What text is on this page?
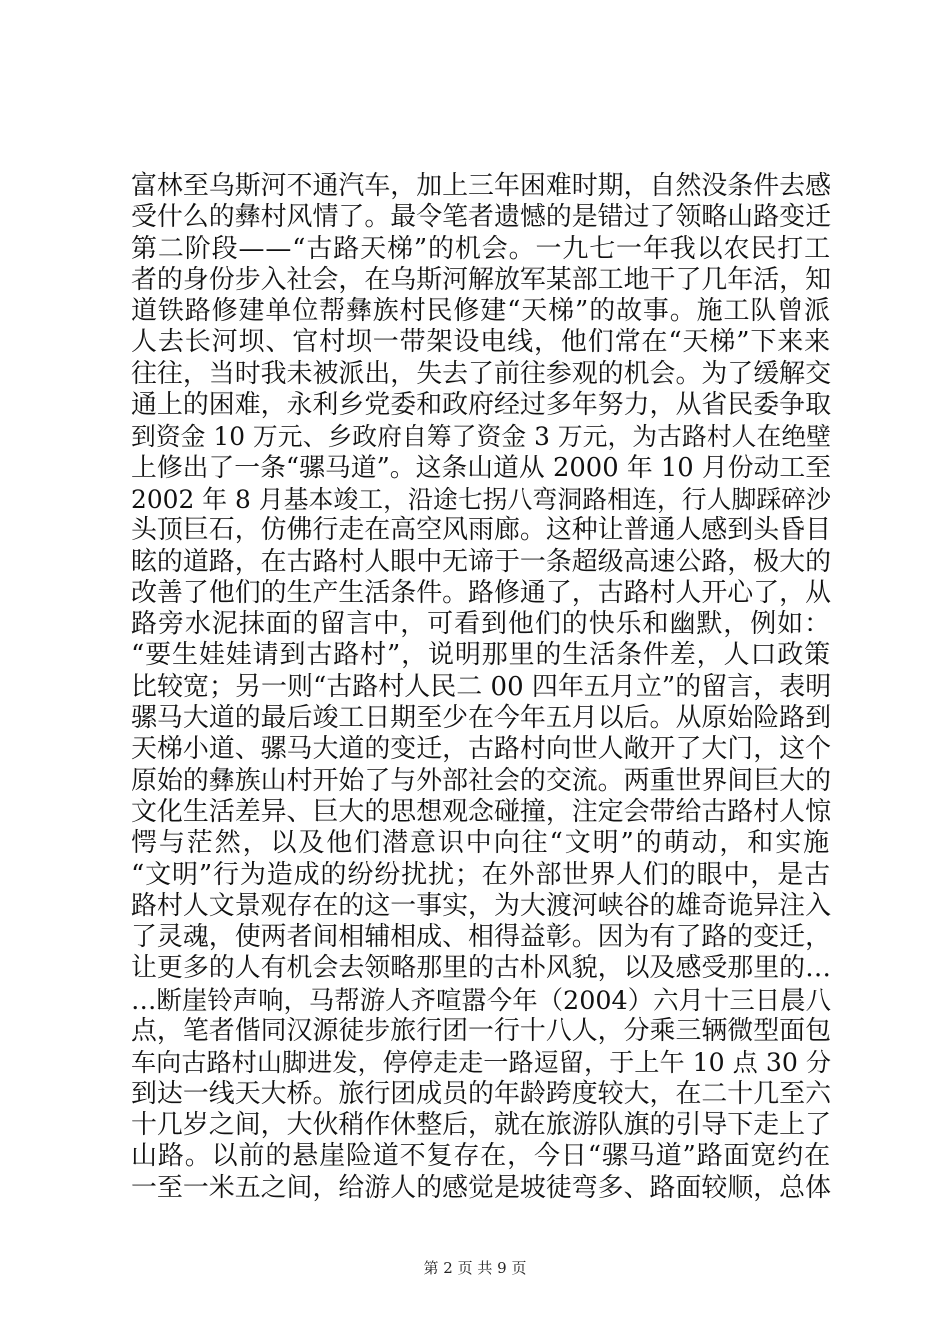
富林至乌斯河不通汽车，加上三年困难时期，自然没条件去感
受什么的彝村风情了。最令笔者遗憾的是错过了领略山路变迁
第二阶段——“古路天梯”的机会。一九七一年我以农民打工
者的身份步入社会，在乌斯河解放军某部工地干了几年活，知
道铁路修建单位帮彝族村民修建“天梯”的故事。施工队曾派
人去长河坝、官村坝一带架设电线，他们常在“天梯”下来来
往往，当时我未被派出，失去了前往参观的机会。为了缓解交
通上的困难，永利乡党委和政府经过多年努力，从省民委争取
到资金 10 万元、乡政府自筹了资金 3 万元，为古路村人在绝壁
上修出了一条“骡马道”。这条山道从 2000 年 10 月份动工至
2002 年 8 月基本竣工，沿途七拐八弯洞路相连，行人脚踩碎沙
头顶巨石，仿佛行走在高空风雨廊。这种让普通人感到头昏目
眩的道路，在古路村人眼中无谛于一条超级高速公路，极大的
改善了他们的生产生活条件。路修通了，古路村人开心了，从
路旁水泥抹面的留言中，可看到他们的快乐和幽默，例如：
“要生娃娃请到古路村”，说明那里的生活条件差，人口政策
比较宽；另一则“古路村人民二 00 四年五月立”的留言，表明
骡马大道的最后竣工日期至少在今年五月以后。从原始险路到
天梯小道、骡马大道的变迁，古路村向世人敞开了大门，这个
原始的彝族山村开始了与外部社会的交流。两重世界间巨大的
文化生活差异、巨大的思想观念碰撞，注定会带给古路村人惊
愕与茫然，以及他们潜意识中向往“文明”的萌动，和实施
“文明”行为造成的纷纷扰扰；在外部世界人们的眼中，是古
路村人文景观存在的这一事实，为大渡河峡谷的雄奇诡异注入
了灵魂，使两者间相辅相成、相得益彰。因为有了路的变迁，
让更多的人有机会去领略那里的古朴风貌，以及感受那里的…
…断崖铃声响，马帮游人齐喧嚣今年（2004）六月十三日晨八
点，笔者偕同汉源徒步旅行团一行十八人，分乘三辆微型面包
车向古路村山脚进发，停停走走一路逗留，于上午 10 点 30 分
到达一线天大桥。旅行团成员的年龄跨度较大，在二十几至六
十几岁之间，大伙稍作休整后，就在旅游队旗的引导下走上了
山路。以前的悬崖险道不复存在，今日“骡马道”路面宽约在
一至一米五之间，给游人的感觉是坡徒弯多、路面较顺，总体
第 2 页 共 9 页
